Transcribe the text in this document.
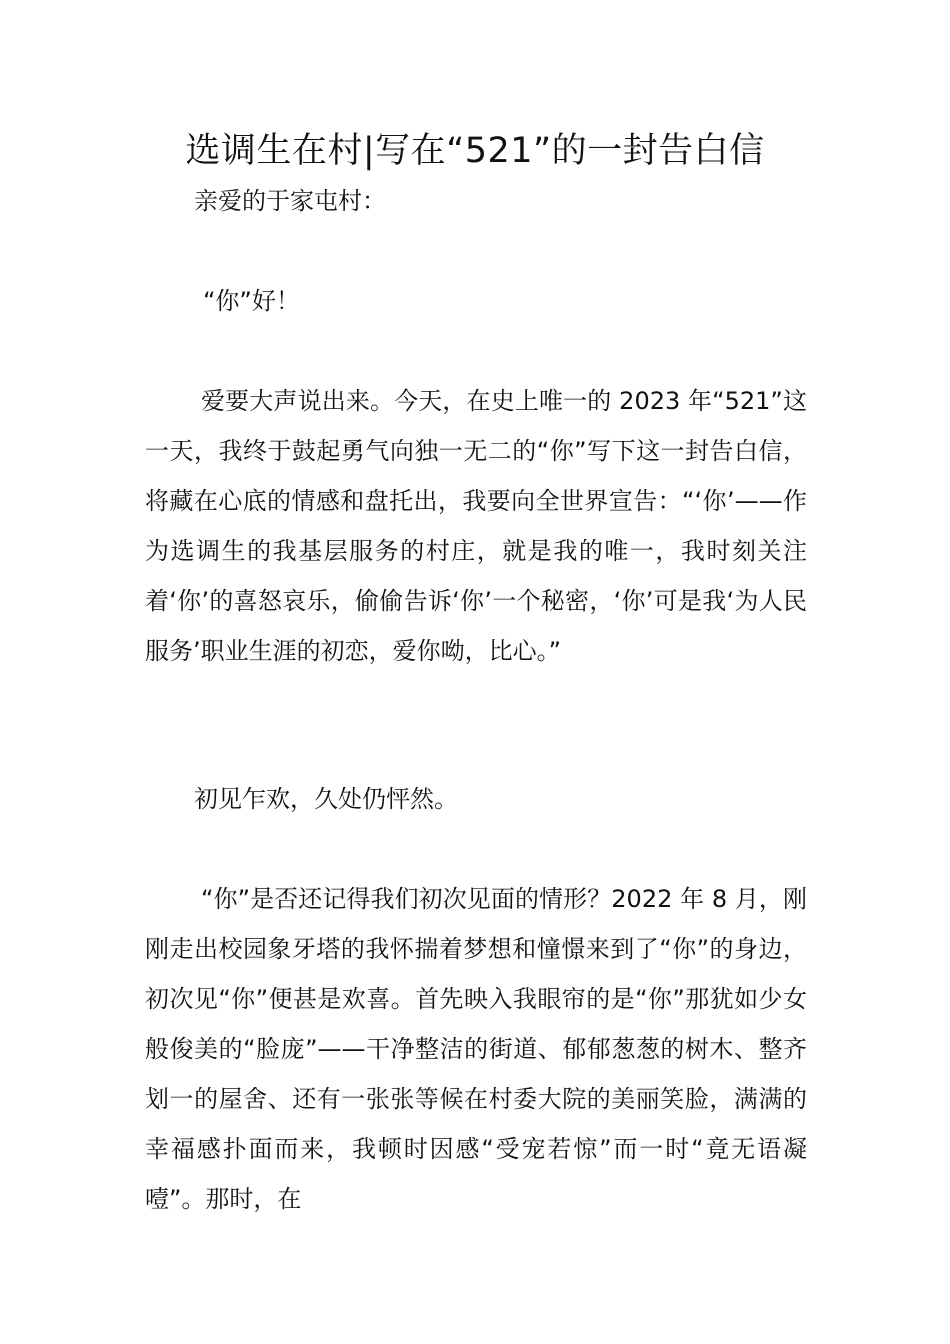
选调生在村|写在“521”的一封告白信

亲爱的于家屯村：

“你”好！

爱要大声说出来。今天，在史上唯一的 2023 年“521”这一天，我终于鼓起勇气向独一无二的“你”写下这一封告白信，将藏在心底的情感和盘托出，我要向全世界宣告：“‘你’——作为选调生的我基层服务的村庄，就是我的唯一，我时刻关注着‘你’的喜怒哀乐，偷偷告诉‘你’一个秘密，‘你’可是我‘为人民服务’职业生涯的初恋，爱你呦，比心。”

初见乍欢，久处仍怦然。

“你”是否还记得我们初次见面的情形？2022 年 8 月，刚刚走出校园象牙塔的我怀揣着梦想和憧憬来到了“你”的身边，初次见“你”便甚是欢喜。首先映入我眼帘的是“你”那犹如少女般俊美的“脸庞”——干净整洁的街道、郁郁葱葱的树木、整齐划一的屋舍、还有一张张等候在村委大院的美丽笑脸，满满的幸福感扑面而来，我顿时因感“受宠若惊”而一时“竟无语凝噎”。那时，在
